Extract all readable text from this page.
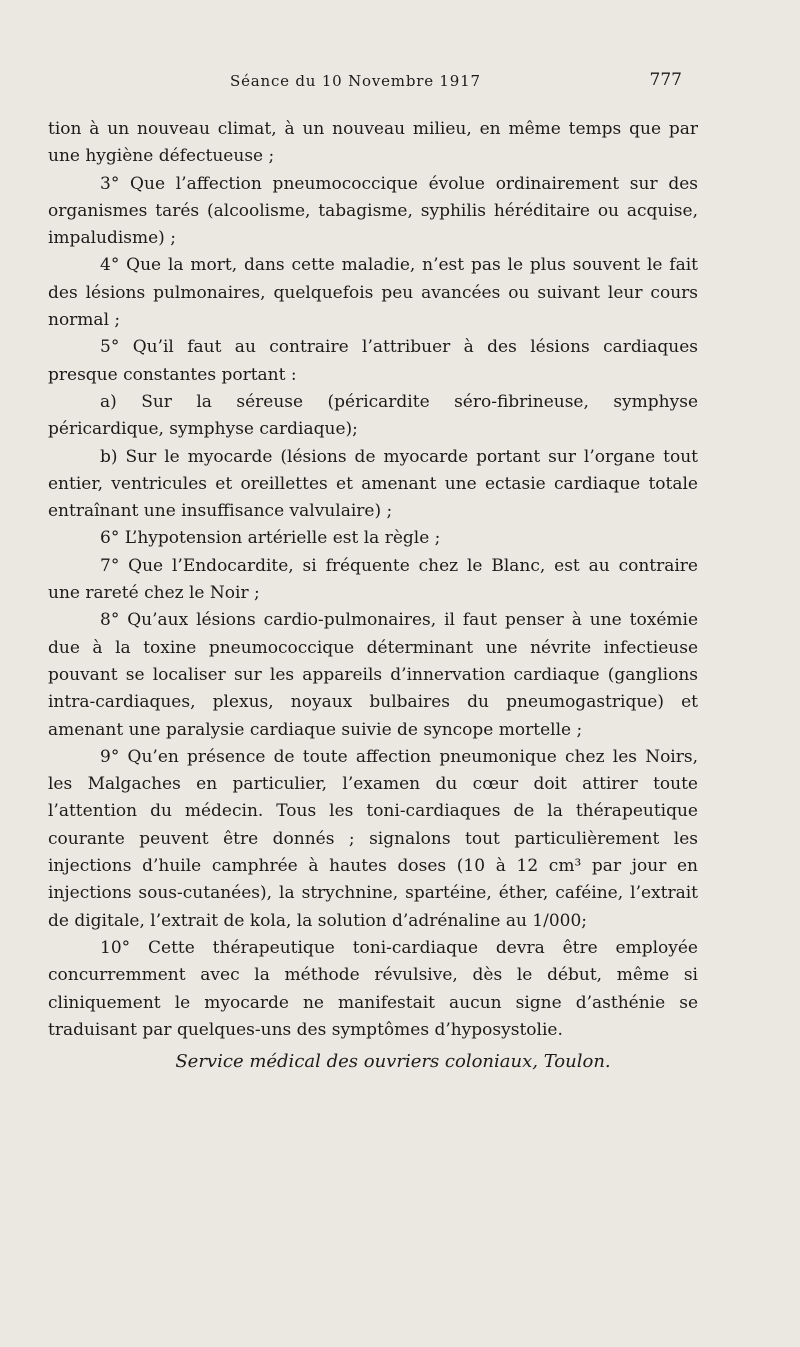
Séance du 10 Novembre 1917	777

tion à un nouveau climat, à un nouveau milieu, en même temps que par une hygiène défectueuse ;

3° Que l’affection pneumococcique évolue ordinairement sur des organismes tarés (alcoolisme, tabagisme, syphilis héréditaire ou acquise, impaludisme) ;

4° Que la mort, dans cette maladie, n’est pas le plus souvent le fait des lésions pulmonaires, quelquefois peu avancées ou suivant leur cours normal ;

5° Qu’il faut au contraire l’attribuer à des lésions cardiaques presque constantes portant :

a) Sur la séreuse (péricardite séro-fibrineuse, symphyse péricardique, symphyse cardiaque);

b) Sur le myocarde (lésions de myocarde portant sur l’organe tout entier, ventricules et oreillettes et amenant une ectasie cardiaque totale entraînant une insuffisance valvulaire) ;

6° L’hypotension artérielle est la règle ;

7° Que l’Endocardite, si fréquente chez le Blanc, est au contraire une rareté chez le Noir ;

8° Qu’aux lésions cardio-pulmonaires, il faut penser à une toxémie due à la toxine pneumococcique déterminant une névrite infectieuse pouvant se localiser sur les appareils d’innervation cardiaque (ganglions intra-cardiaques, plexus, noyaux bulbaires du pneumogastrique) et amenant une paralysie cardiaque suivie de syncope mortelle ;

9° Qu’en présence de toute affection pneumonique chez les Noirs, les Malgaches en particulier, l’examen du cœur doit attirer toute l’attention du médecin. Tous les toni-cardiaques de la thérapeutique courante peuvent être donnés ; signalons tout particulièrement les injections d’huile camphrée à hautes doses (10 à 12 cm³ par jour en injections sous-cutanées), la strychnine, spartéine, éther, caféine, l’extrait de digitale, l’extrait de kola, la solution d’adrénaline au 1/000;

10° Cette thérapeutique toni-cardiaque devra être employée concurremment avec la méthode révulsive, dès le début, même si cliniquement le myocarde ne manifestait aucun signe d’asthénie se traduisant par quelques-uns des symptômes d’hyposystolie.

Service médical des ouvriers coloniaux, Toulon.
